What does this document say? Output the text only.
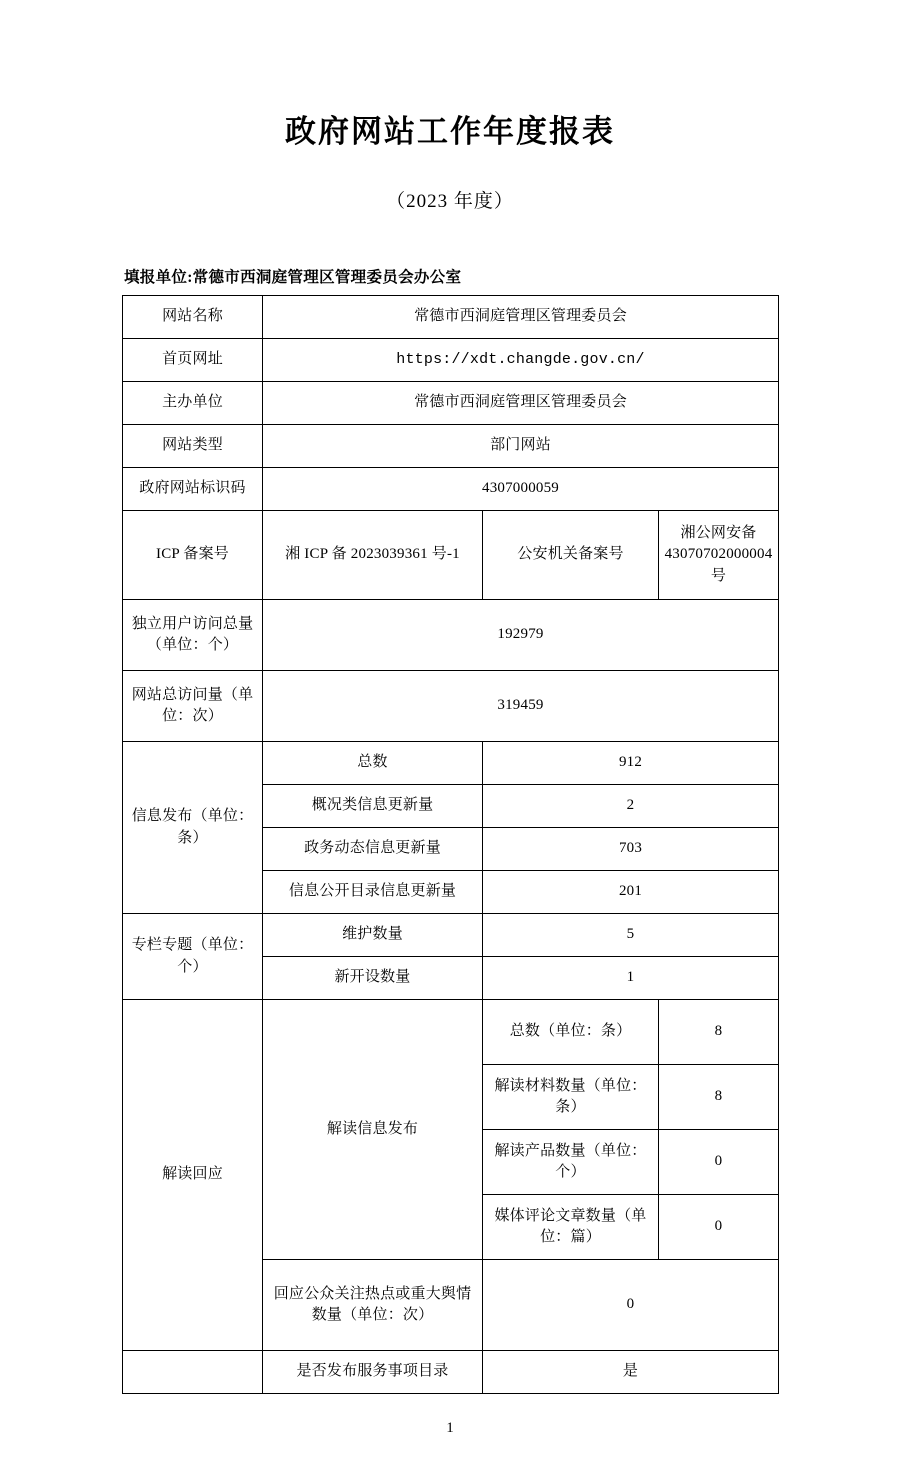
政府网站工作年度报表
（2023 年度）
填报单位:常德市西洞庭管理区管理委员会办公室
网站名称	常德市西洞庭管理区管理委员会		
首页网址	https://xdt.changde.gov.cn/		
主办单位	常德市西洞庭管理区管理委员会		
网站类型	部门网站		
政府网站标识码	4307000059		
ICP 备案号	湘 ICP 备 2023039361 号-1	公安机关备案号	湘公网安备 43070702000004 号
独立用户访问总量（单位：个）	192979		
网站总访问量（单位：次）	319459		
信息发布（单位：条）	总数	912	
	概况类信息更新量	2	
	政务动态信息更新量	703	
	信息公开目录信息更新量	201	
专栏专题（单位：个）	维护数量	5	
	新开设数量	1	
解读回应	解读信息发布	总数（单位：条）	8
		解读材料数量（单位：条）	8
		解读产品数量（单位：个）	0
		媒体评论文章数量（单位：篇）	0
	回应公众关注热点或重大舆情数量（单位：次）	0	
	是否发布服务事项目录	是	
1
